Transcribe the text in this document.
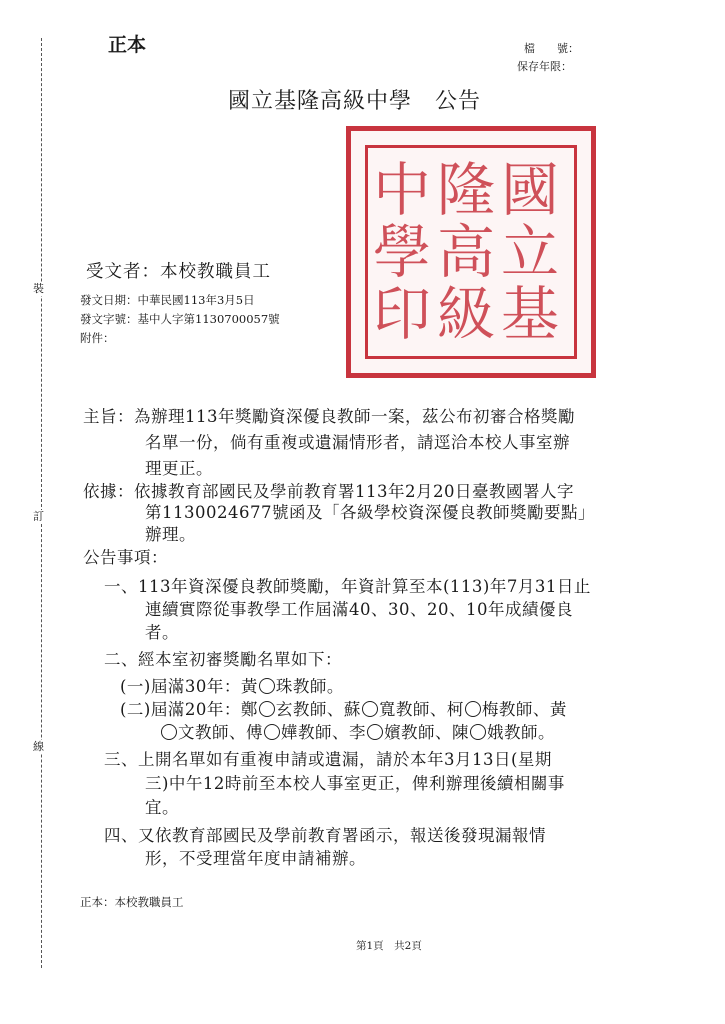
裝
訂
線
正本	檔　　號：
保存年限：
國立基隆高級中學　公告
國
立
基
隆
高
級
中
學
印
受文者：本校教職員工
發文日期：中華民國113年3月5日
發文字號：基中人字第1130700057號
附件：
主旨：為辦理113年獎勵資深優良教師一案，茲公布初審合格獎勵
名單一份，倘有重複或遺漏情形者，請逕洽本校人事室辦
理更正。
依據：依據教育部國民及學前教育署113年2月20日臺教國署人字
第1130024677號函及「各級學校資深優良教師獎勵要點」
辦理。
公告事項：
一、113年資深優良教師獎勵，年資計算至本(113)年7月31日止
連續實際從事教學工作屆滿40、30、20、10年成績優良
者。
二、經本室初審獎勵名單如下：
(一)屆滿30年：黃 珠教師。
(二)屆滿20年：鄭 玄教師、蘇 寬教師、柯 梅教師、黃
文教師、傅 嬅教師、李 嬪教師、陳 娥教師。
三、上開名單如有重複申請或遺漏，請於本年3月13日(星期
三)中午12時前至本校人事室更正，俾利辦理後續相關事
宜。
四、又依教育部國民及學前教育署函示，報送後發現漏報情
形，不受理當年度申請補辦。
正本：本校教職員工
第1頁　共2頁
